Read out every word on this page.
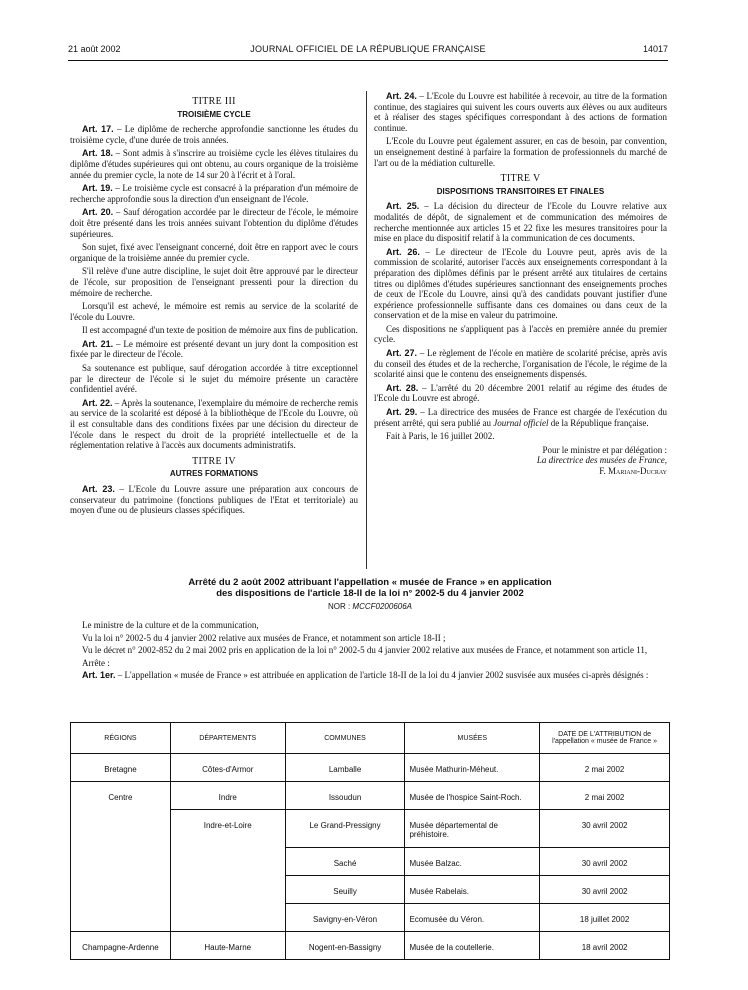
21 août 2002	JOURNAL OFFICIEL DE LA RÉPUBLIQUE FRANÇAISE	14017

TITRE III

TROISIÈME CYCLE

Art. 17. – Le diplôme de recherche approfondie sanctionne les études du troisième cycle, d'une durée de trois années.

Art. 18. – Sont admis à s'inscrire au troisième cycle les élèves titulaires du diplôme d'études supérieures qui ont obtenu, au cours organique de la troisième année du premier cycle, la note de 14 sur 20 à l'écrit et à l'oral.

Art. 19. – Le troisième cycle est consacré à la préparation d'un mémoire de recherche approfondie sous la direction d'un enseignant de l'école.

Art. 20. – Sauf dérogation accordée par le directeur de l'école, le mémoire doit être présenté dans les trois années suivant l'obtention du diplôme d'études supérieures.

Son sujet, fixé avec l'enseignant concerné, doit être en rapport avec le cours organique de la troisième année du premier cycle.

S'il relève d'une autre discipline, le sujet doit être approuvé par le directeur de l'école, sur proposition de l'enseignant pressenti pour la direction du mémoire de recherche.

Lorsqu'il est achevé, le mémoire est remis au service de la scolarité de l'école du Louvre.

Il est accompagné d'un texte de position de mémoire aux fins de publication.

Art. 21. – Le mémoire est présenté devant un jury dont la composition est fixée par le directeur de l'école.

Sa soutenance est publique, sauf dérogation accordée à titre exceptionnel par le directeur de l'école si le sujet du mémoire présente un caractère confidentiel avéré.

Art. 22. – Après la soutenance, l'exemplaire du mémoire de recherche remis au service de la scolarité est déposé à la bibliothèque de l'Ecole du Louvre, où il est consultable dans des conditions fixées par une décision du directeur de l'école dans le respect du droit de la propriété intellectuelle et de la réglementation relative à l'accès aux documents administratifs.

TITRE IV

AUTRES FORMATIONS

Art. 23. – L'Ecole du Louvre assure une préparation aux concours de conservateur du patrimoine (fonctions publiques de l'Etat et territoriale) au moyen d'une ou de plusieurs classes spécifiques.

Art. 24. – L'Ecole du Louvre est habilitée à recevoir, au titre de la formation continue, des stagiaires qui suivent les cours ouverts aux élèves ou aux auditeurs et à réaliser des stages spécifiques correspondant à des actions de formation continue.

L'Ecole du Louvre peut également assurer, en cas de besoin, par convention, un enseignement destiné à parfaire la formation de professionnels du marché de l'art ou de la médiation culturelle.

TITRE V

DISPOSITIONS TRANSITOIRES ET FINALES

Art. 25. – La décision du directeur de l'Ecole du Louvre relative aux modalités de dépôt, de signalement et de communication des mémoires de recherche mentionnée aux articles 15 et 22 fixe les mesures transitoires pour la mise en place du dispositif relatif à la communication de ces documents.

Art. 26. – Le directeur de l'Ecole du Louvre peut, après avis de la commission de scolarité, autoriser l'accès aux enseignements correspondant à la préparation des diplômes définis par le présent arrêté aux titulaires de certains titres ou diplômes d'études supérieures sanctionnant des enseignements proches de ceux de l'Ecole du Louvre, ainsi qu'à des candidats pouvant justifier d'une expérience professionnelle suffisante dans ces domaines ou dans ceux de la conservation et de la mise en valeur du patrimoine.

Ces dispositions ne s'appliquent pas à l'accès en première année du premier cycle.

Art. 27. – Le règlement de l'école en matière de scolarité précise, après avis du conseil des études et de la recherche, l'organisation de l'école, le régime de la scolarité ainsi que le contenu des enseignements dispensés.

Art. 28. – L'arrêté du 20 décembre 2001 relatif au régime des études de l'Ecole du Louvre est abrogé.

Art. 29. – La directrice des musées de France est chargée de l'exécution du présent arrêté, qui sera publié au Journal officiel de la République française.

Fait à Paris, le 16 juillet 2002.

Pour le ministre et par délégation :

La directrice des musées de France,

F. Mariani-Ducray

Arrêté du 2 août 2002 attribuant l'appellation « musée de France » en application
des dispositions de l'article 18-II de la loi n° 2002-5 du 4 janvier 2002
NOR : MCCF0200606A

Le ministre de la culture et de la communication,

Vu la loi n° 2002-5 du 4 janvier 2002 relative aux musées de France, et notamment son article 18-II ;

Vu le décret n° 2002-852 du 2 mai 2002 pris en application de la loi n° 2002-5 du 4 janvier 2002 relative aux musées de France, et notamment son article 11,

Arrête :

Art. 1er. – L'appellation « musée de France » est attribuée en application de l'article 18-II de la loi du 4 janvier 2002 susvisée aux musées ci-après désignés :

RÉGIONS	DÉPARTEMENTS	COMMUNES	MUSÉES	DATE DE L'ATTRIBUTION de l'appellation « musée de France »
Bretagne	Côtes-d'Armor	Lamballe	Musée Mathurin-Méheut.	2 mai 2002
Centre	Indre	Issoudun	Musée de l'hospice Saint-Roch.	2 mai 2002
	Indre-et-Loire	Le Grand-Pressigny	Musée départemental de préhistoire.	30 avril 2002
		Saché	Musée Balzac.	30 avril 2002
		Seuilly	Musée Rabelais.	30 avril 2002
		Savigny-en-Véron	Ecomusée du Véron.	18 juillet 2002
Champagne-Ardenne	Haute-Marne	Nogent-en-Bassigny	Musée de la coutellerie.	18 avril 2002
